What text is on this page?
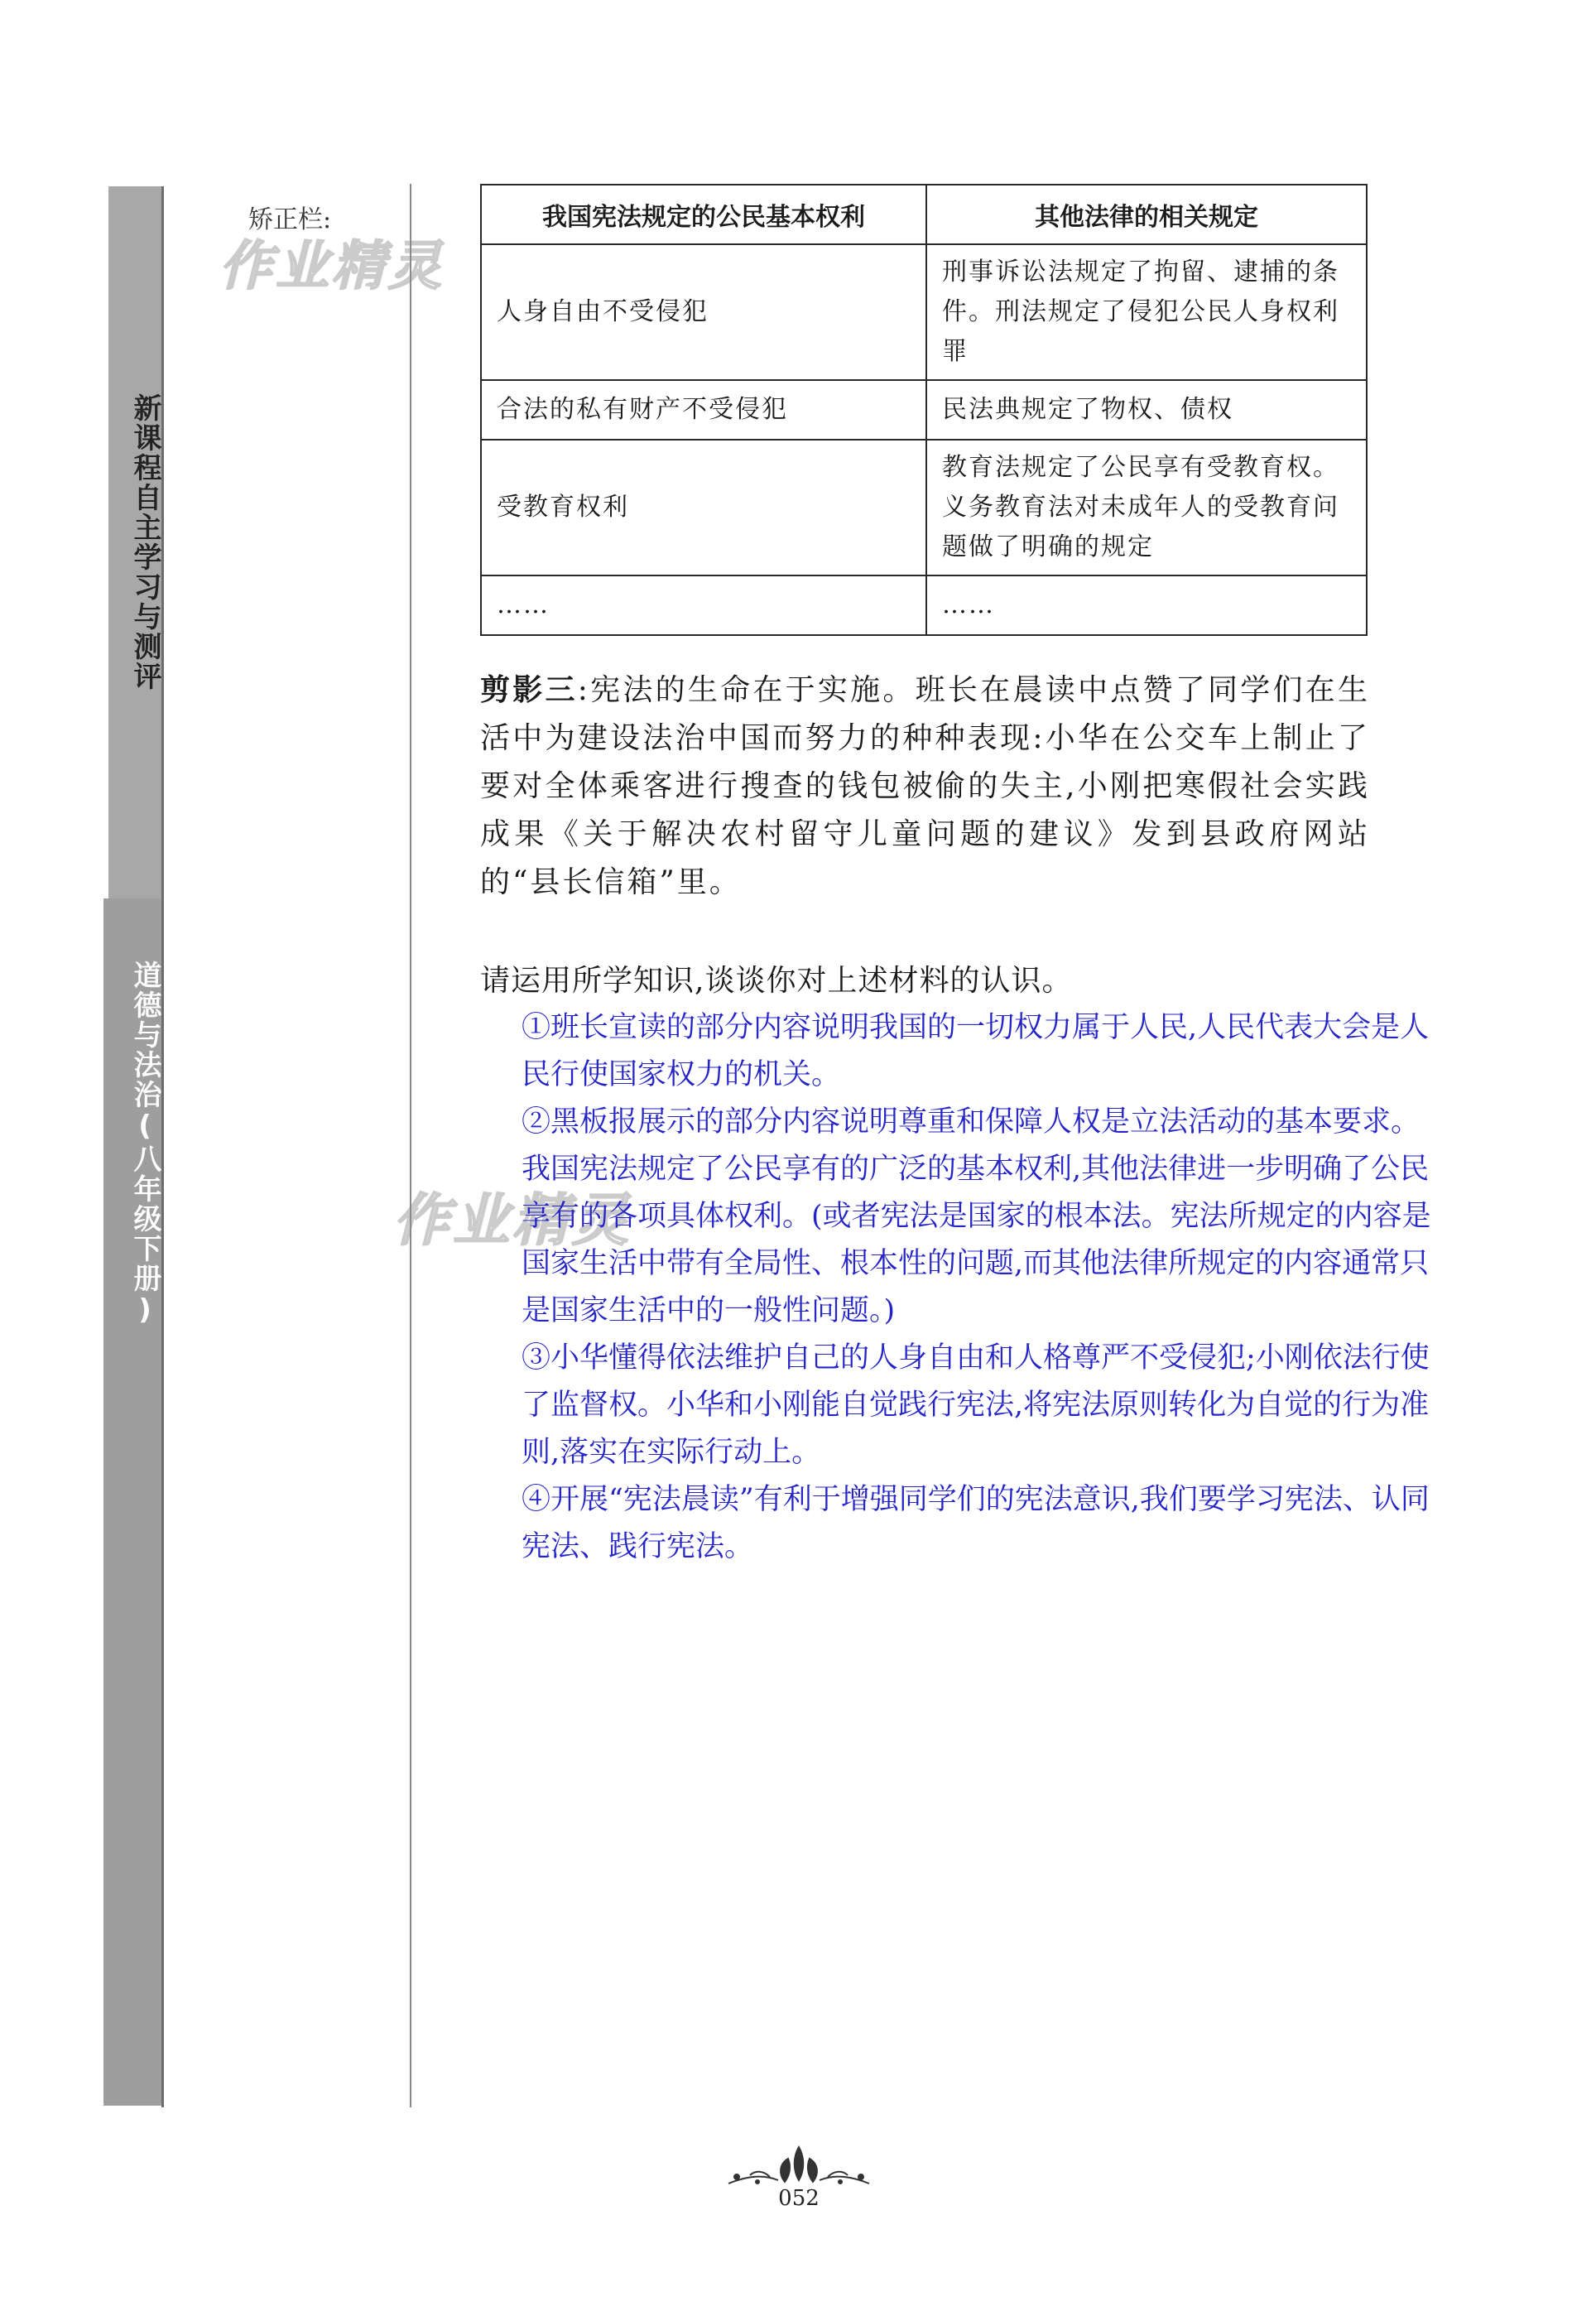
新课程自主学习与测评
道德与法治(八年级下册)
矫正栏:
作业精灵
作业精灵
我国宪法规定的公民基本权利	其他法律的相关规定
人身自由不受侵犯	刑事诉讼法规定了拘留、逮捕的条件。刑法规定了侵犯公民人身权利罪
合法的私有财产不受侵犯	民法典规定了物权、债权
受教育权利	教育法规定了公民享有受教育权。义务教育法对未成年人的受教育问题做了明确的规定
……	……
剪影三:宪法的生命在于实施。班长在晨读中点赞了同学们在生活中为建设法治中国而努力的种种表现:小华在公交车上制止了要对全体乘客进行搜查的钱包被偷的失主,小刚把寒假社会实践成果《关于解决农村留守儿童问题的建议》发到县政府网站的“县长信箱”里。
请运用所学知识,谈谈你对上述材料的认识。

①班长宣读的部分内容说明我国的一切权力属于人民,人民代表大会是人民行使国家权力的机关。

②黑板报展示的部分内容说明尊重和保障人权是立法活动的基本要求。我国宪法规定了公民享有的广泛的基本权利,其他法律进一步明确了公民享有的各项具体权利。(或者宪法是国家的根本法。宪法所规定的内容是国家生活中带有全局性、根本性的问题,而其他法律所规定的内容通常只是国家生活中的一般性问题。)

③小华懂得依法维护自己的人身自由和人格尊严不受侵犯;小刚依法行使了监督权。小华和小刚能自觉践行宪法,将宪法原则转化为自觉的行为准则,落实在实际行动上。

④开展“宪法晨读”有利于增强同学们的宪法意识,我们要学习宪法、认同宪法、践行宪法。

052
